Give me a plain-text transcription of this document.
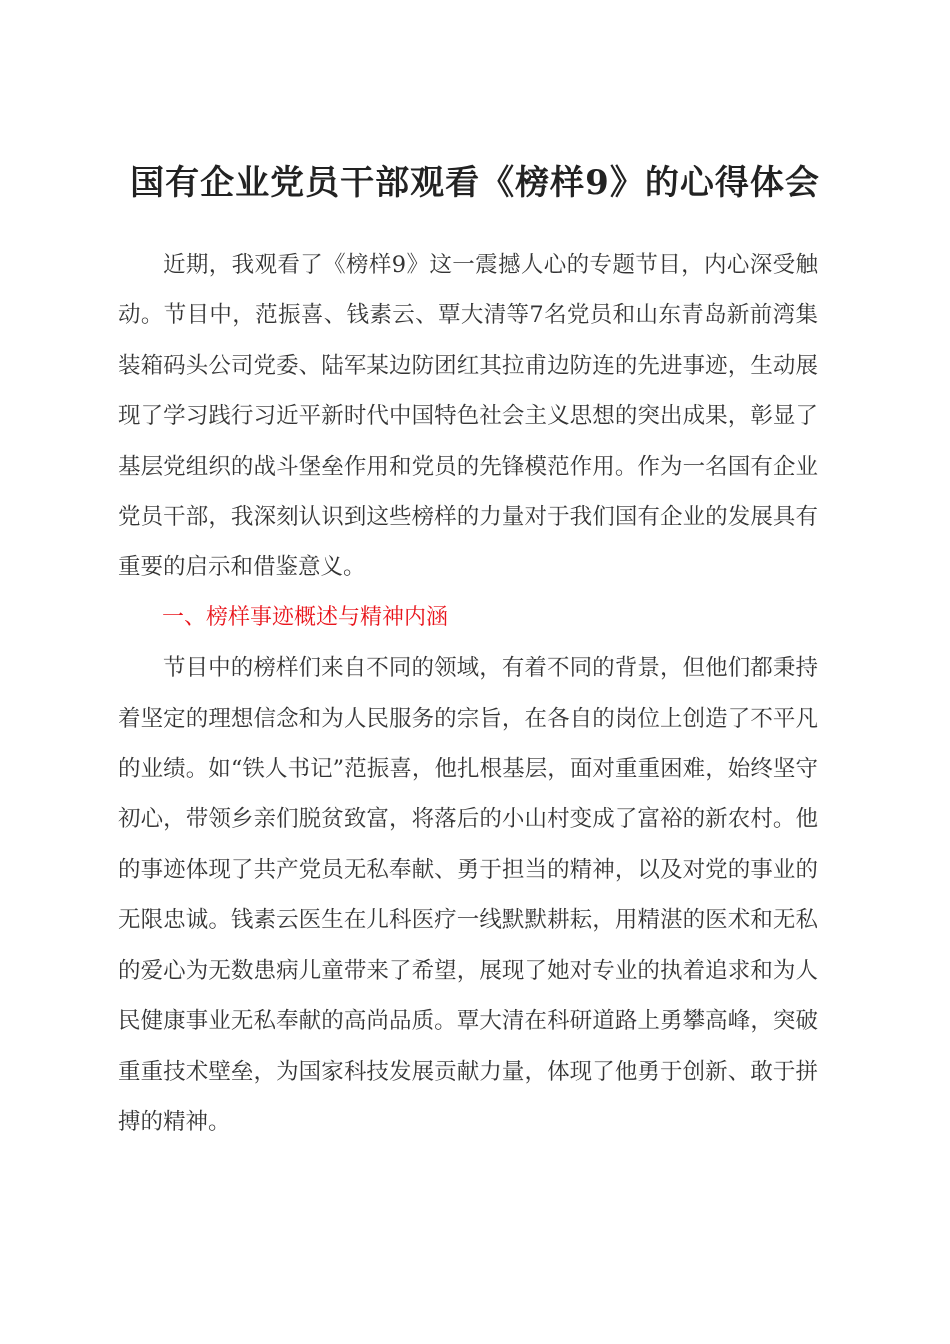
国有企业党员干部观看《榜样9》的心得体会

近期，我观看了《榜样9》这一震撼人心的专题节目，内心深受触动。节目中，范振喜、钱素云、覃大清等7名党员和山东青岛新前湾集装箱码头公司党委、陆军某边防团红其拉甫边防连的先进事迹，生动展现了学习践行习近平新时代中国特色社会主义思想的突出成果，彰显了基层党组织的战斗堡垒作用和党员的先锋模范作用。作为一名国有企业党员干部，我深刻认识到这些榜样的力量对于我们国有企业的发展具有重要的启示和借鉴意义。

一、榜样事迹概述与精神内涵

节目中的榜样们来自不同的领域，有着不同的背景，但他们都秉持着坚定的理想信念和为人民服务的宗旨，在各自的岗位上创造了不平凡的业绩。如“铁人书记”范振喜，他扎根基层，面对重重困难，始终坚守初心，带领乡亲们脱贫致富，将落后的小山村变成了富裕的新农村。他的事迹体现了共产党员无私奉献、勇于担当的精神，以及对党的事业的无限忠诚。钱素云医生在儿科医疗一线默默耕耘，用精湛的医术和无私的爱心为无数患病儿童带来了希望，展现了她对专业的执着追求和为人民健康事业无私奉献的高尚品质。覃大清在科研道路上勇攀高峰，突破重重技术壁垒，为国家科技发展贡献力量，体现了他勇于创新、敢于拼搏的精神。
